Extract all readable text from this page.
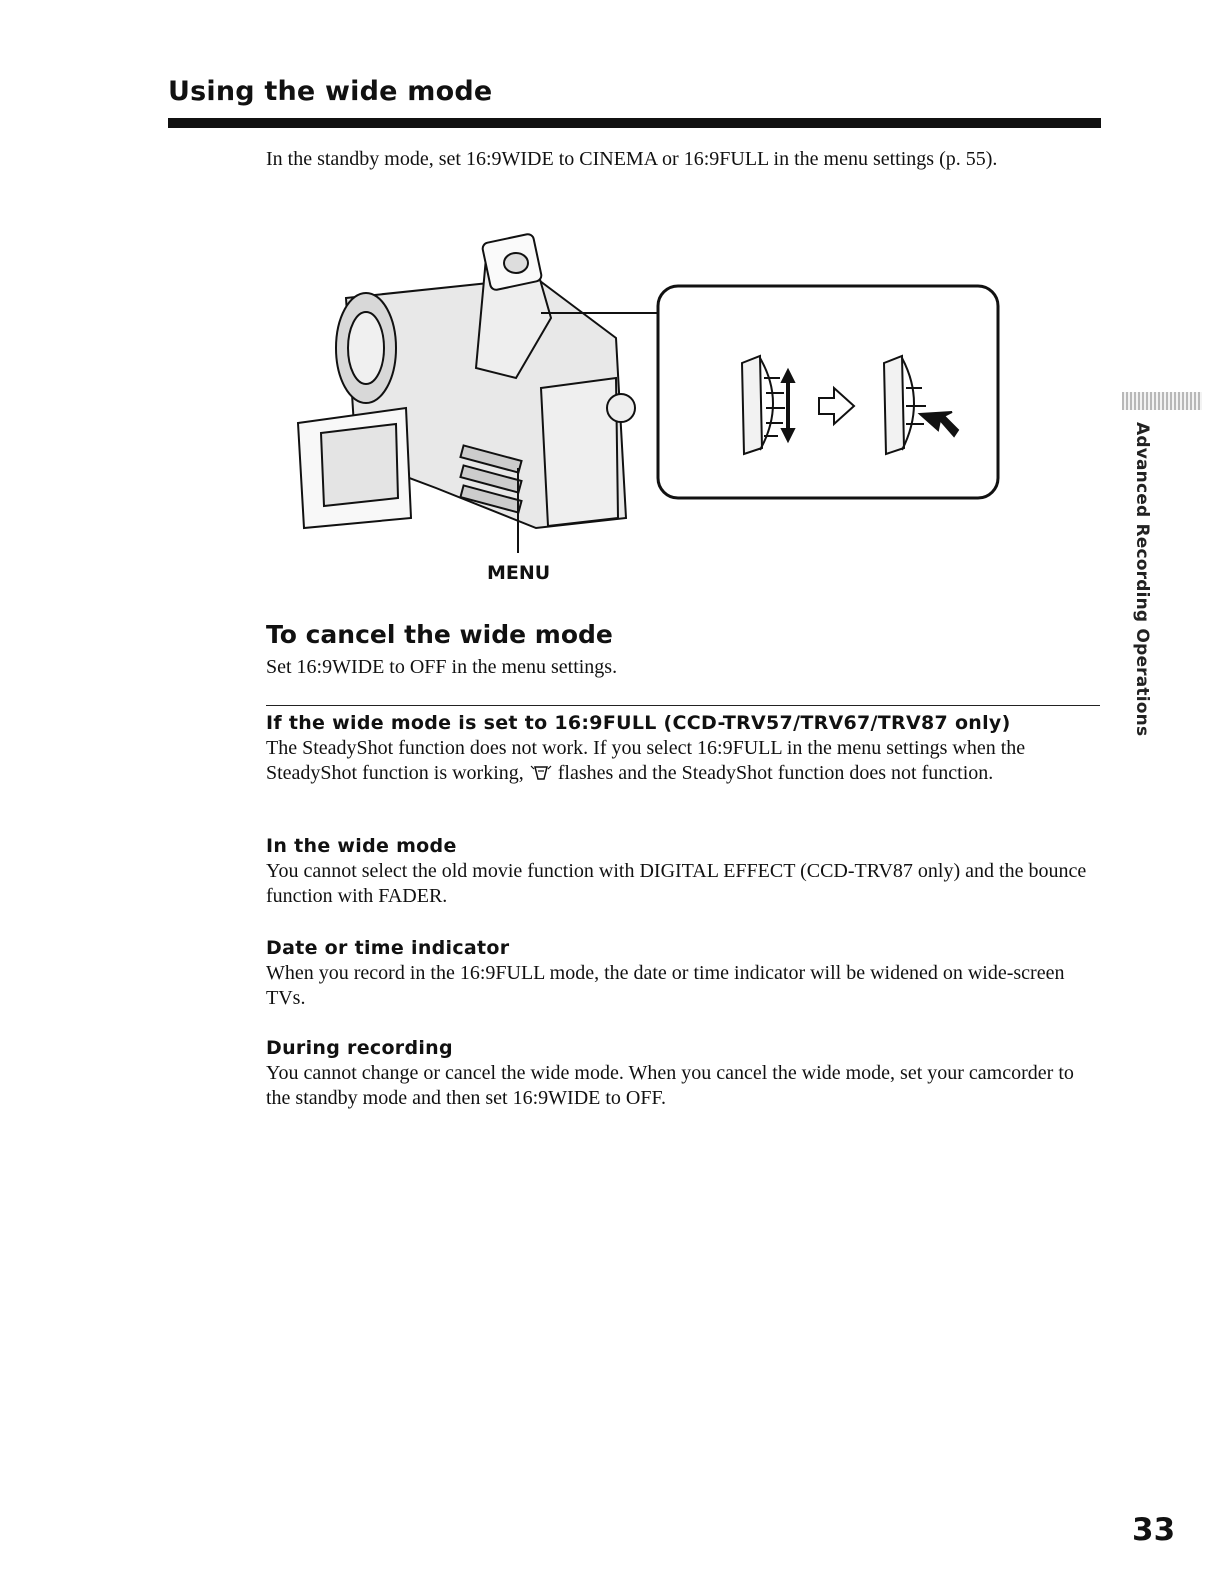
Using the wide mode

In the standby mode, set 16:9WIDE to CINEMA or 16:9FULL in the menu settings (p. 55).

MENU
To cancel the wide mode

Set 16:9WIDE to OFF in the menu settings.

If the wide mode is set to 16:9FULL (CCD-TRV57/TRV67/TRV87 only)

The SteadyShot function does not work. If you select 16:9FULL in the menu settings when the SteadyShot function is working, flashes and the SteadyShot function does not function.

In the wide mode

You cannot select the old movie function with DIGITAL EFFECT (CCD-TRV87 only) and the bounce function with FADER.

Date or time indicator

When you record in the 16:9FULL mode, the date or time indicator will be widened on wide-screen TVs.

During recording

You cannot change or cancel the wide mode. When you cancel the wide mode, set your camcorder to the standby mode and then set 16:9WIDE to OFF.

Advanced Recording Operations
33
